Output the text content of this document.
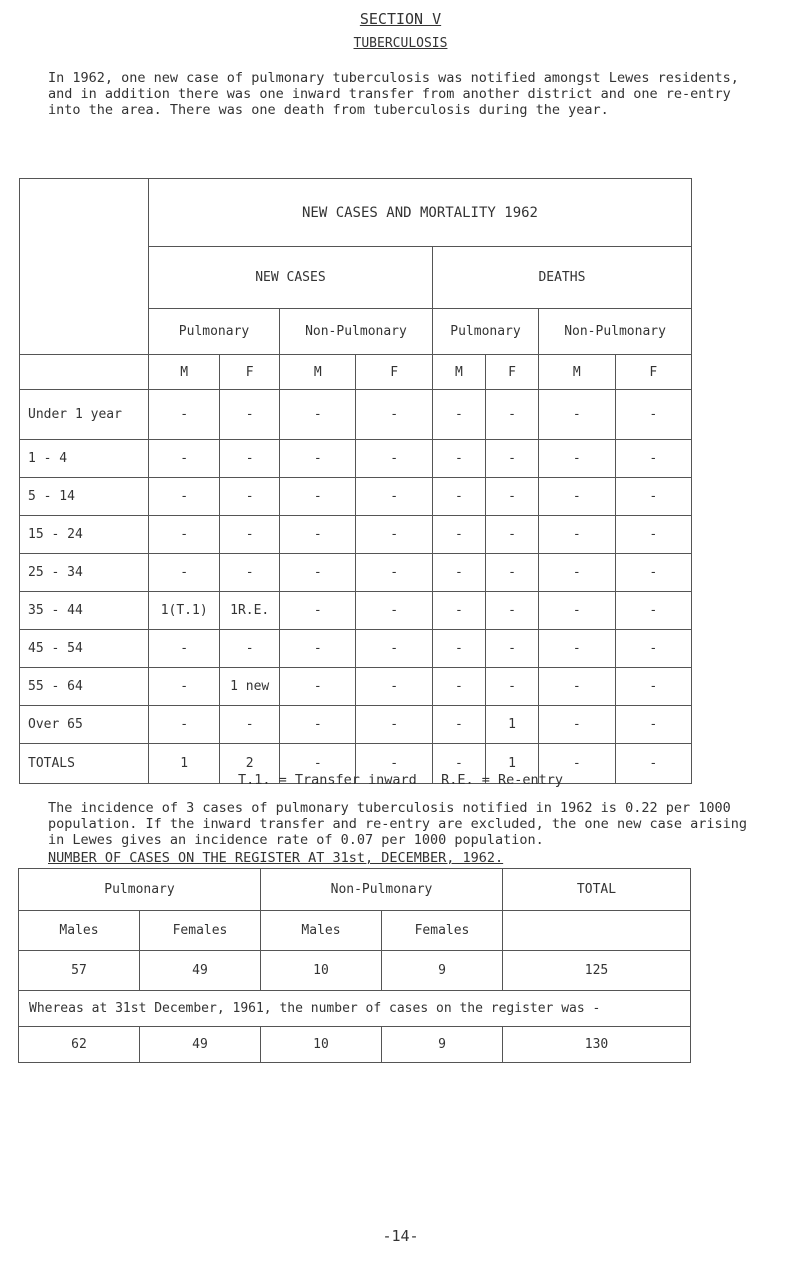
SECTION V
TUBERCULOSIS
In 1962, one new case of pulmonary tuberculosis was notified amongst Lewes residents, and in addition there was one inward transfer from another district and one re-entry into the area. There was one death from tuberculosis during the year.
	NEW CASES AND MORTALITY 1962							
	NEW CASES				DEATHS			
	Pulmonary		Non-Pulmonary		Pulmonary		Non-Pulmonary	
	M	F	M	F	M	F	M	F
Under 1 year	-	-	-	-	-	-	-	-
1 - 4	-	-	-	-	-	-	-	-
5 - 14	-	-	-	-	-	-	-	-
15 - 24	-	-	-	-	-	-	-	-
25 - 34	-	-	-	-	-	-	-	-
35 - 44	1(T.1)	1R.E.	-	-	-	-	-	-
45 - 54	-	-	-	-	-	-	-	-
55 - 64	-	1 new	-	-	-	-	-	-
Over 65	-	-	-	-	-	1	-	-
TOTALS	1	2	-	-	-	1	-	-
T.1. = Transfer inward   R.E. = Re-entry
The incidence of 3 cases of pulmonary tuberculosis notified in 1962 is 0.22 per 1000 population. If the inward transfer and re-entry are excluded, the one new case arising in Lewes gives an incidence rate of 0.07 per 1000 population.
NUMBER OF CASES ON THE REGISTER AT 31st, DECEMBER, 1962.
Pulmonary		Non-Pulmonary		TOTAL
Males	Females	Males	Females	
57	49	10	9	125
Whereas at 31st December, 1961, the number of cases on the register was -				
62	49	10	9	130
-14-
